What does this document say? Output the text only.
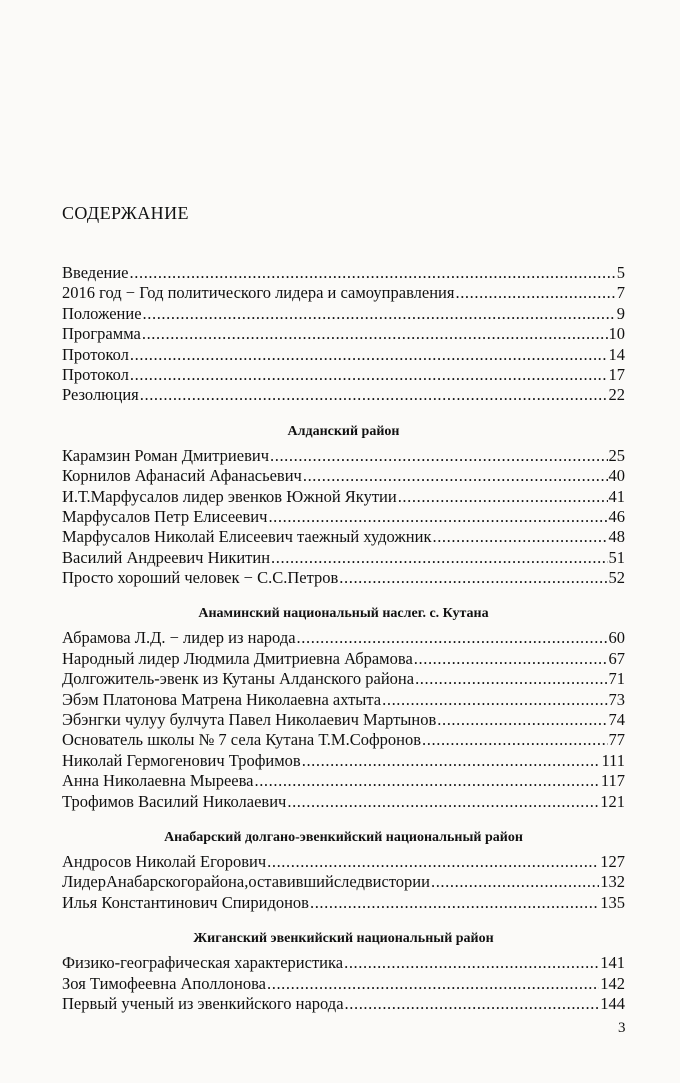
СОДЕРЖАНИЕ
Введение .....	5
2016 год − Год политического лидера и самоуправления .....	7
Положение .....	9
Программа .....	10
Протокол .....	14
Протокол .....	17
Резолюция .....	22
Алданский район
Карамзин Роман Дмитриевич .....	25
Корнилов Афанасий Афанасьевич .....	40
И.Т.Марфусалов лидер эвенков Южной Якутии .....	41
Марфусалов Петр Елисеевич .....	46
Марфусалов Николай Елисеевич таежный художник .....	48
Василий Андреевич Никитин .....	51
Просто хороший человек − С.С.Петров .....	52
Анаминский национальный наслег. с. Кутана
Абрамова Л.Д. − лидер из народа .....	60
Народный лидер Людмила Дмитриевна Абрамова .....	67
Долгожитель-эвенк из Кутаны Алданского района .....	71
Эбэм Платонова Матрена Николаевна ахтыта .....	73
Эбэнгки чулуу булчута Павел Николаевич Мартынов .....	74
Основатель школы № 7 села Кутана Т.М.Софронов .....	77
Николай Гермогенович Трофимов .....	111
Анна Николаевна Мыреева .....	117
Трофимов Василий Николаевич .....	121
Анабарский долгано-эвенкийский национальный район
Андросов Николай Егорович .....	127
ЛидерАнабарскогорайона,оставившийследвистории .....	132
Илья Константинович Спиридонов .....	135
Жиганский эвенкийский национальный район
Физико-географическая характеристика .....	141
Зоя Тимофеевна Аполлонова .....	142
Первый ученый из эвенкийского народа .....	144
3
